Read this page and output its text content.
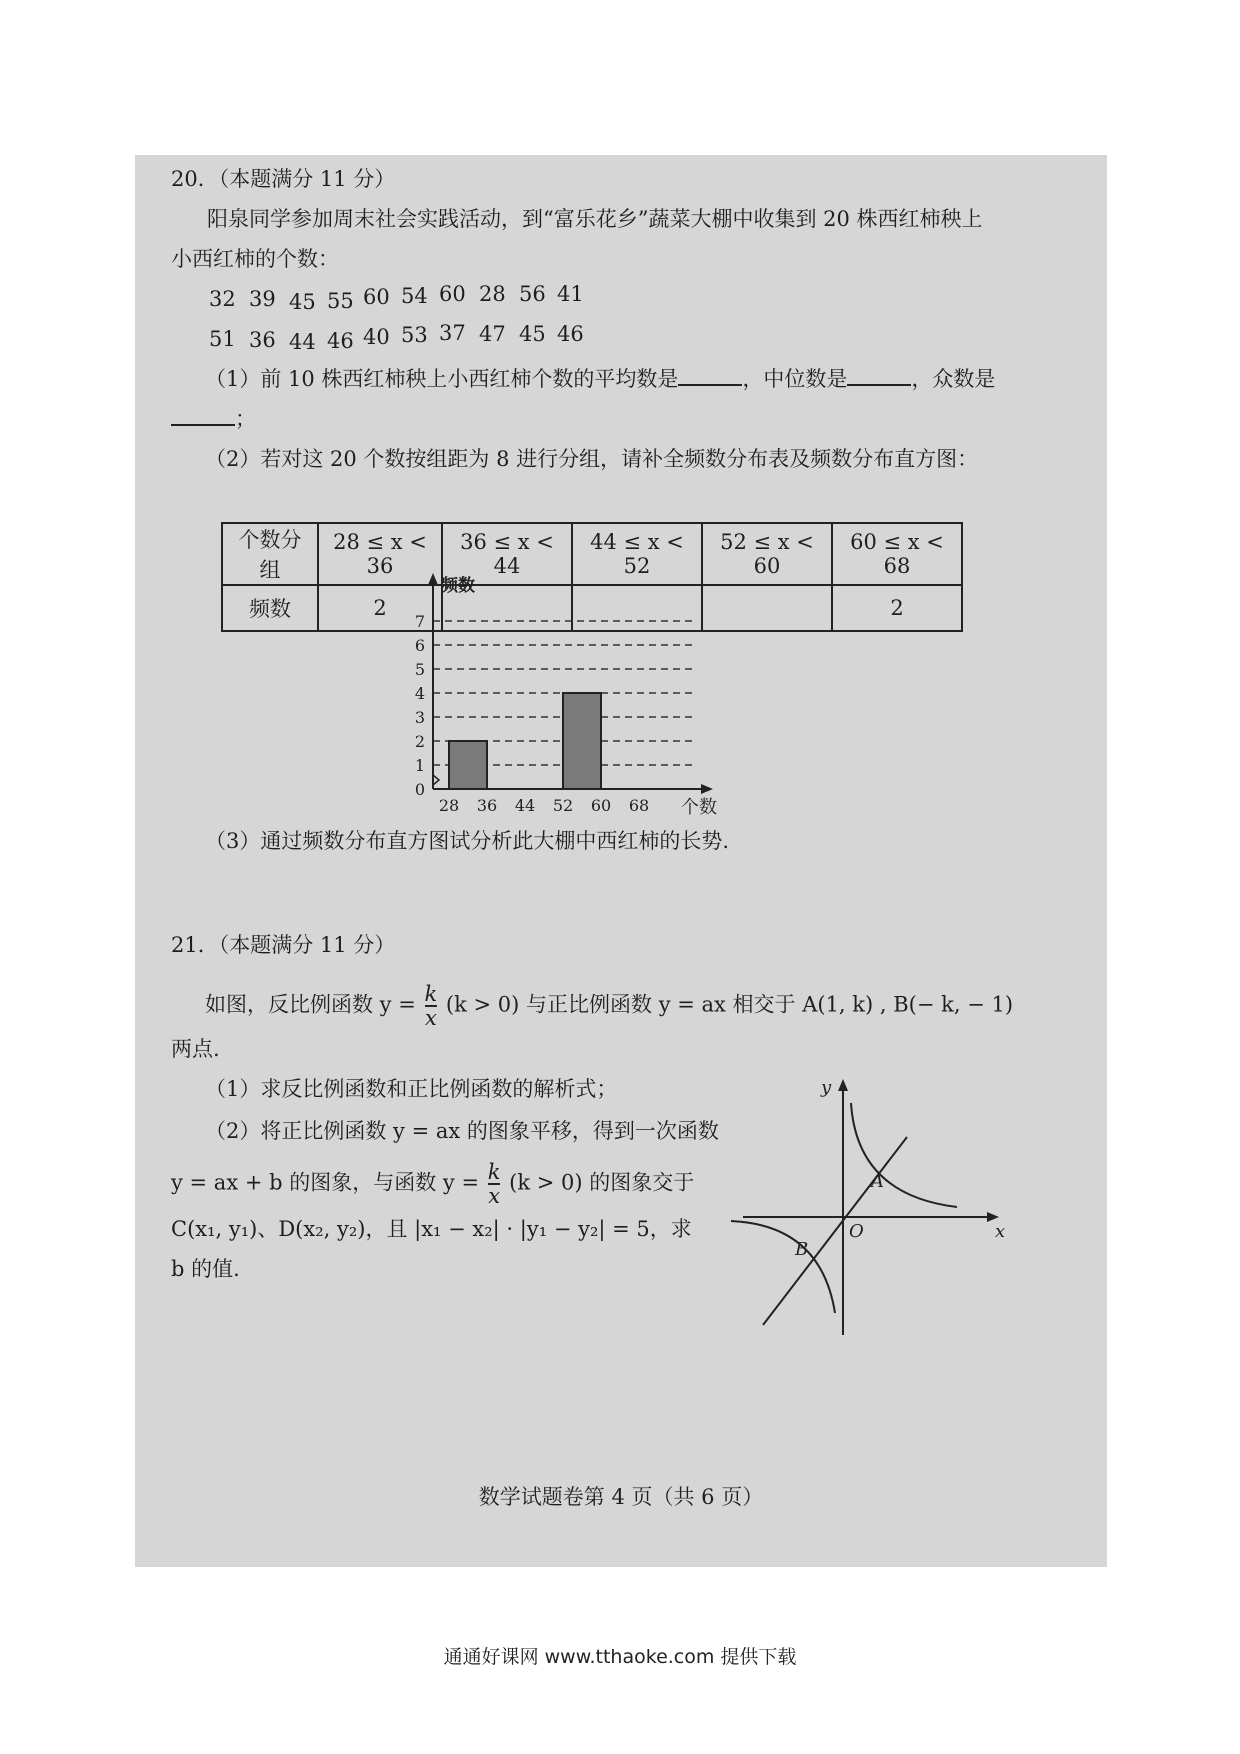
20．（本题满分 11 分）
阳泉同学参加周末社会实践活动，到“富乐花乡”蔬菜大棚中收集到 20 株西红柿秧上
小西红柿的个数：
32 39 45 55 60 54 60 28 56 41
51 36 44 46 40 53 37 47 45 46
（1）前 10 株西红柿秧上小西红柿个数的平均数是	，中位数是	，众数是
；
（2）若对这 20 个数按组距为 8 进行分组，请补全频数分布表及频数分布直方图：
个数分组	28 ≤ x < 36	36 ≤ x < 44	44 ≤ x < 52	52 ≤ x < 60	60 ≤ x < 68
频数	2				2
0
1
2
3
4
5
6
7
28 36 44 52 60 68
频数
个数
（3）通过频数分布直方图试分析此大棚中西红柿的长势.
21．（本题满分 11 分）
如图，反比例函数 $y = \frac{k}{x} (k > 0)$ 与正比例函数 y = ax 相交于 A(1, k) , B(− k, − 1)
两点.
（1）求反比例函数和正比例函数的解析式；
（2）将正比例函数 y = ax 的图象平移，得到一次函数
y = ax + b 的图象，与函数 $y = \frac{k}{x} (k > 0)$ 的图象交于
C(x₁, y₁)、D(x₂, y₂)，且 |x₁ − x₂| · |y₁ − y₂| = 5，求
b 的值.
y
x
O
A
B
数学试题卷第 4 页（共 6 页）
通通好课网 www.tthaoke.com 提供下载
